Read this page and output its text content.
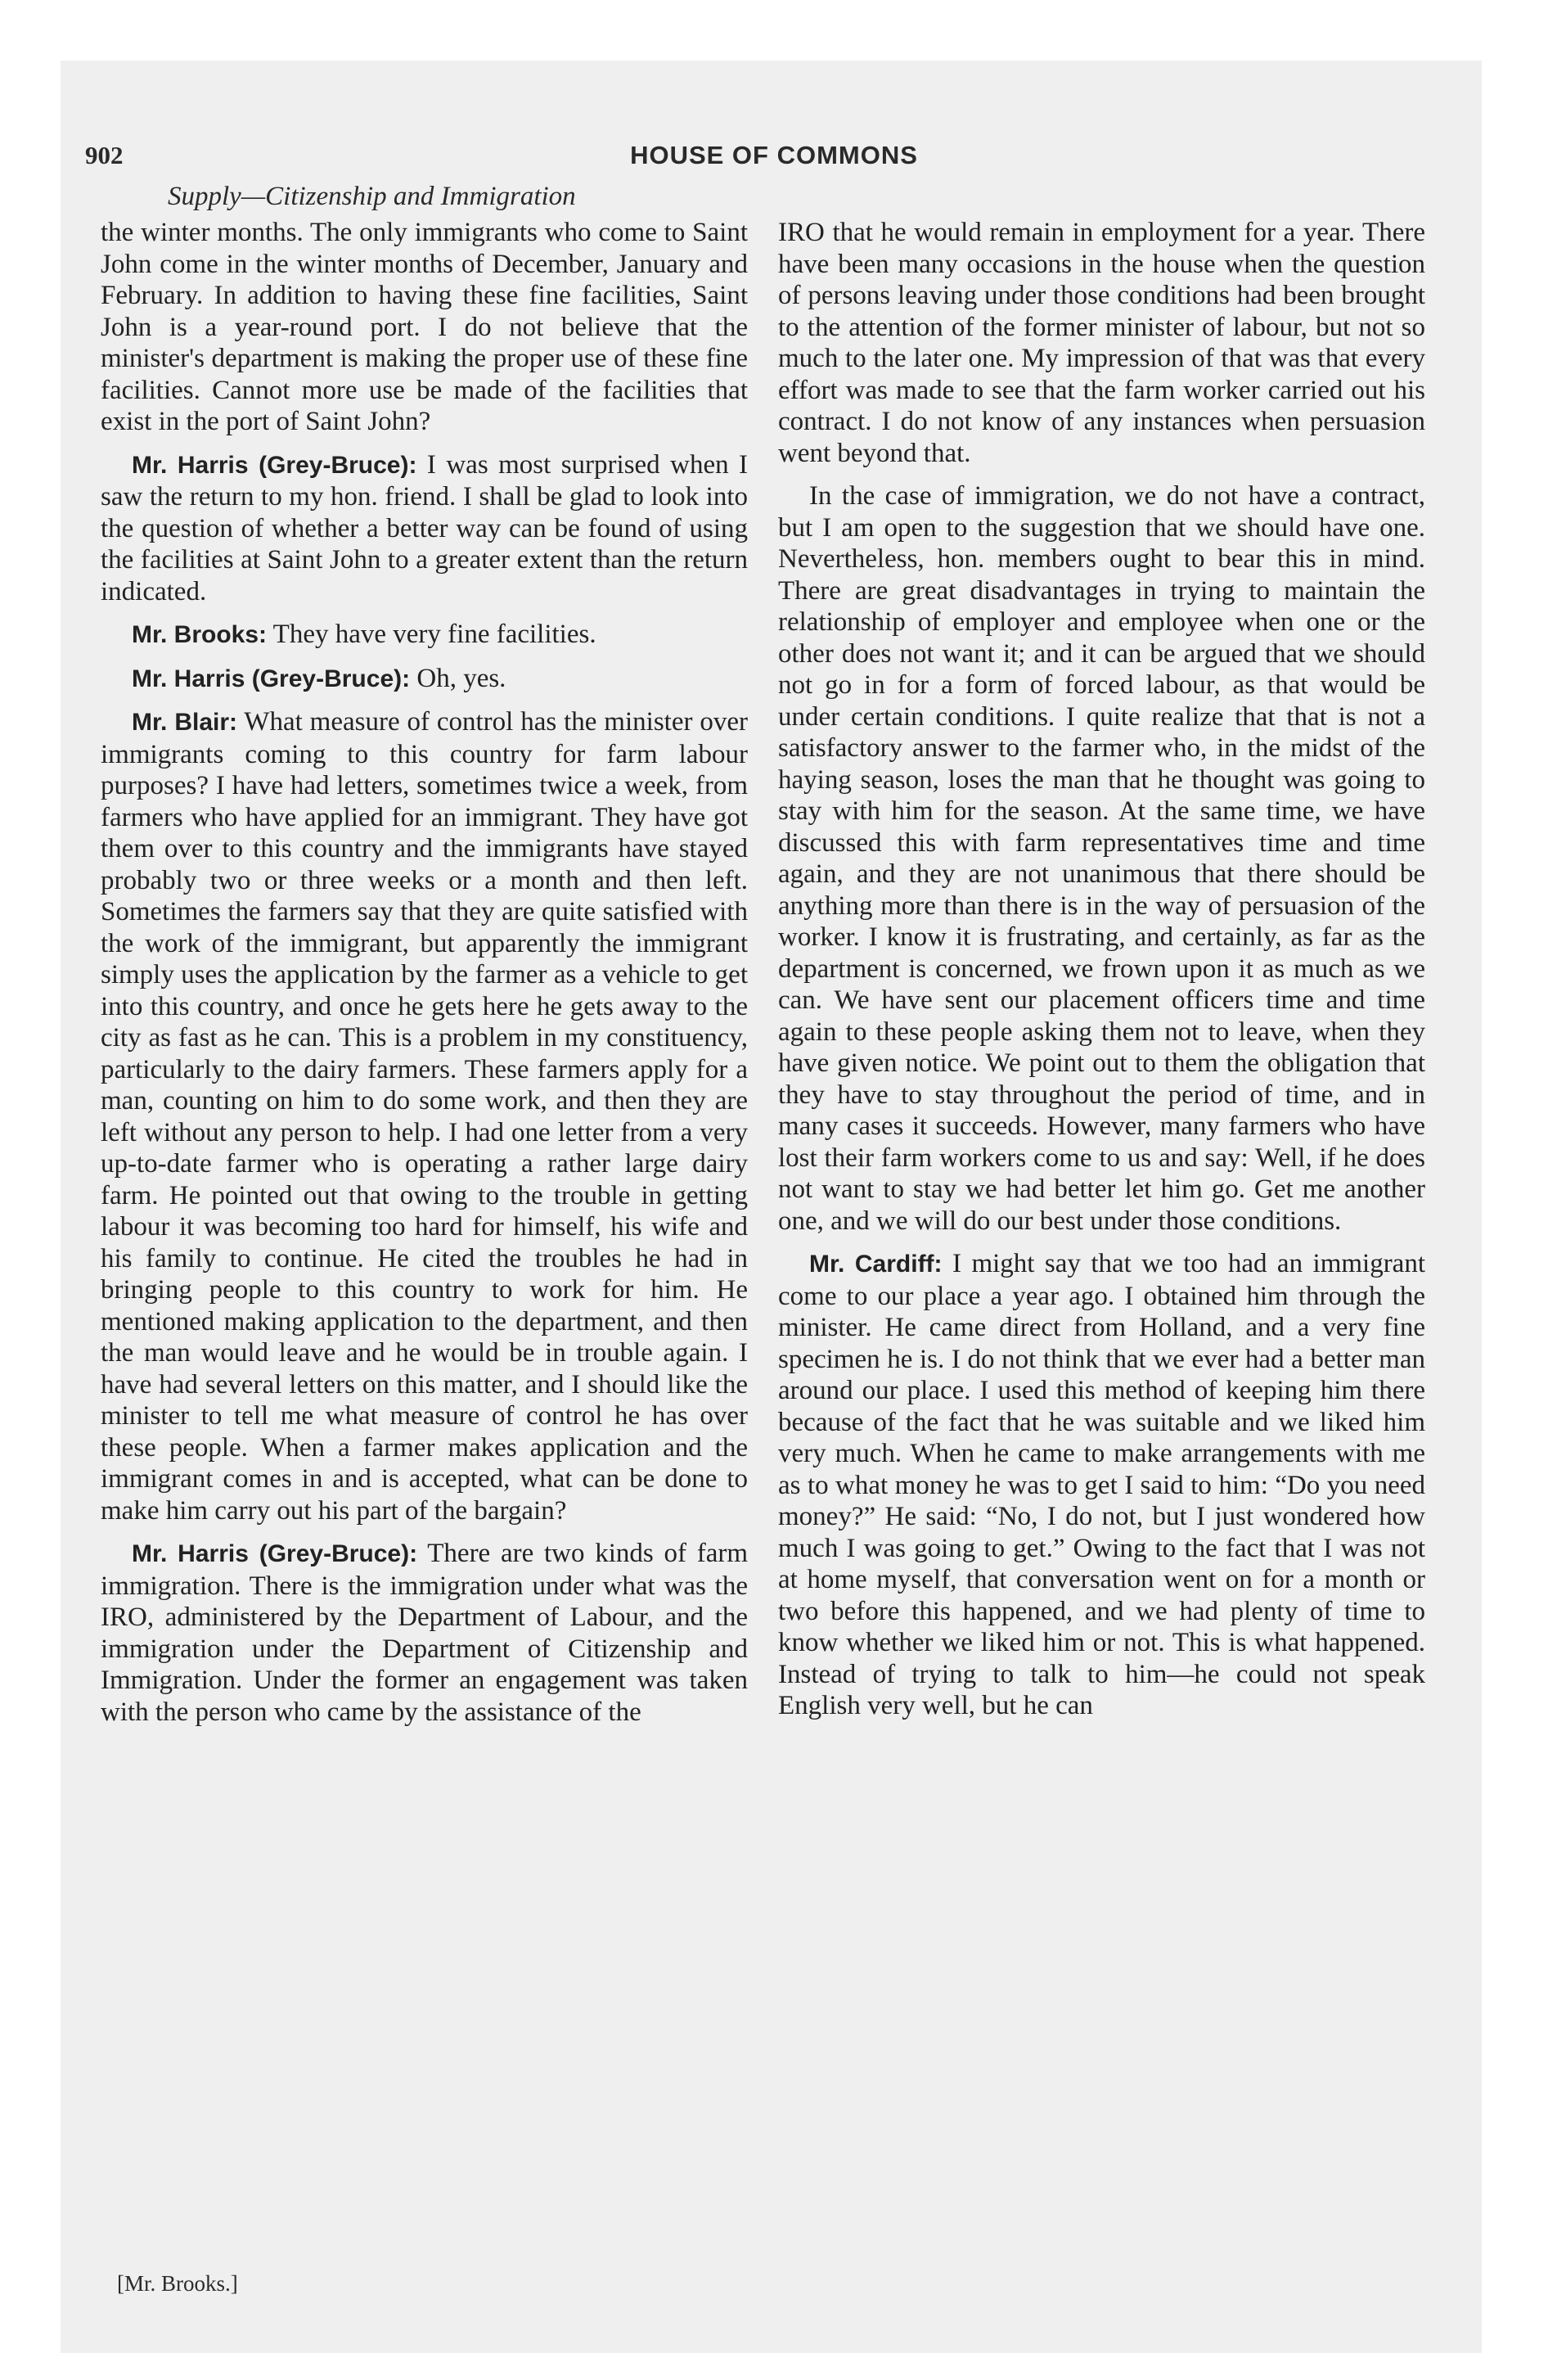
902	HOUSE OF COMMONS
Supply—Citizenship and Immigration

the winter months. The only immigrants who come to Saint John come in the winter months of December, January and February. In addition to having these fine facilities, Saint John is a year-round port. I do not believe that the minister's department is making the proper use of these fine facilities. Cannot more use be made of the facilities that exist in the port of Saint John?

Mr. Harris (Grey-Bruce): I was most surprised when I saw the return to my hon. friend. I shall be glad to look into the question of whether a better way can be found of using the facilities at Saint John to a greater extent than the return indicated.

Mr. Brooks: They have very fine facilities.

Mr. Harris (Grey-Bruce): Oh, yes.

Mr. Blair: What measure of control has the minister over immigrants coming to this country for farm labour purposes? I have had letters, sometimes twice a week, from farmers who have applied for an immigrant. They have got them over to this country and the immigrants have stayed probably two or three weeks or a month and then left. Sometimes the farmers say that they are quite satisfied with the work of the immigrant, but apparently the immigrant simply uses the application by the farmer as a vehicle to get into this country, and once he gets here he gets away to the city as fast as he can. This is a problem in my constituency, particularly to the dairy farmers. These farmers apply for a man, counting on him to do some work, and then they are left without any person to help. I had one letter from a very up-to-date farmer who is operating a rather large dairy farm. He pointed out that owing to the trouble in getting labour it was becoming too hard for himself, his wife and his family to continue. He cited the troubles he had in bringing people to this country to work for him. He mentioned making application to the department, and then the man would leave and he would be in trouble again. I have had several letters on this matter, and I should like the minister to tell me what measure of control he has over these people. When a farmer makes application and the immigrant comes in and is accepted, what can be done to make him carry out his part of the bargain?

Mr. Harris (Grey-Bruce): There are two kinds of farm immigration. There is the immigration under what was the IRO, administered by the Department of Labour, and the immigration under the Department of Citizenship and Immigration. Under the former an engagement was taken with the person who came by the assistance of the

IRO that he would remain in employment for a year. There have been many occasions in the house when the question of persons leaving under those conditions had been brought to the attention of the former minister of labour, but not so much to the later one. My impression of that was that every effort was made to see that the farm worker carried out his contract. I do not know of any instances when persuasion went beyond that.

In the case of immigration, we do not have a contract, but I am open to the suggestion that we should have one. Nevertheless, hon. members ought to bear this in mind. There are great disadvantages in trying to maintain the relationship of employer and employee when one or the other does not want it; and it can be argued that we should not go in for a form of forced labour, as that would be under certain conditions. I quite realize that that is not a satisfactory answer to the farmer who, in the midst of the haying season, loses the man that he thought was going to stay with him for the season. At the same time, we have discussed this with farm representatives time and time again, and they are not unanimous that there should be anything more than there is in the way of persuasion of the worker. I know it is frustrating, and certainly, as far as the department is concerned, we frown upon it as much as we can. We have sent our placement officers time and time again to these people asking them not to leave, when they have given notice. We point out to them the obligation that they have to stay throughout the period of time, and in many cases it succeeds. However, many farmers who have lost their farm workers come to us and say: Well, if he does not want to stay we had better let him go. Get me another one, and we will do our best under those conditions.

Mr. Cardiff: I might say that we too had an immigrant come to our place a year ago. I obtained him through the minister. He came direct from Holland, and a very fine specimen he is. I do not think that we ever had a better man around our place. I used this method of keeping him there because of the fact that he was suitable and we liked him very much. When he came to make arrangements with me as to what money he was to get I said to him: “Do you need money?” He said: “No, I do not, but I just wondered how much I was going to get.” Owing to the fact that I was not at home myself, that conversation went on for a month or two before this happened, and we had plenty of time to know whether we liked him or not. This is what happened. Instead of trying to talk to him—he could not speak English very well, but he can

[Mr. Brooks.]
